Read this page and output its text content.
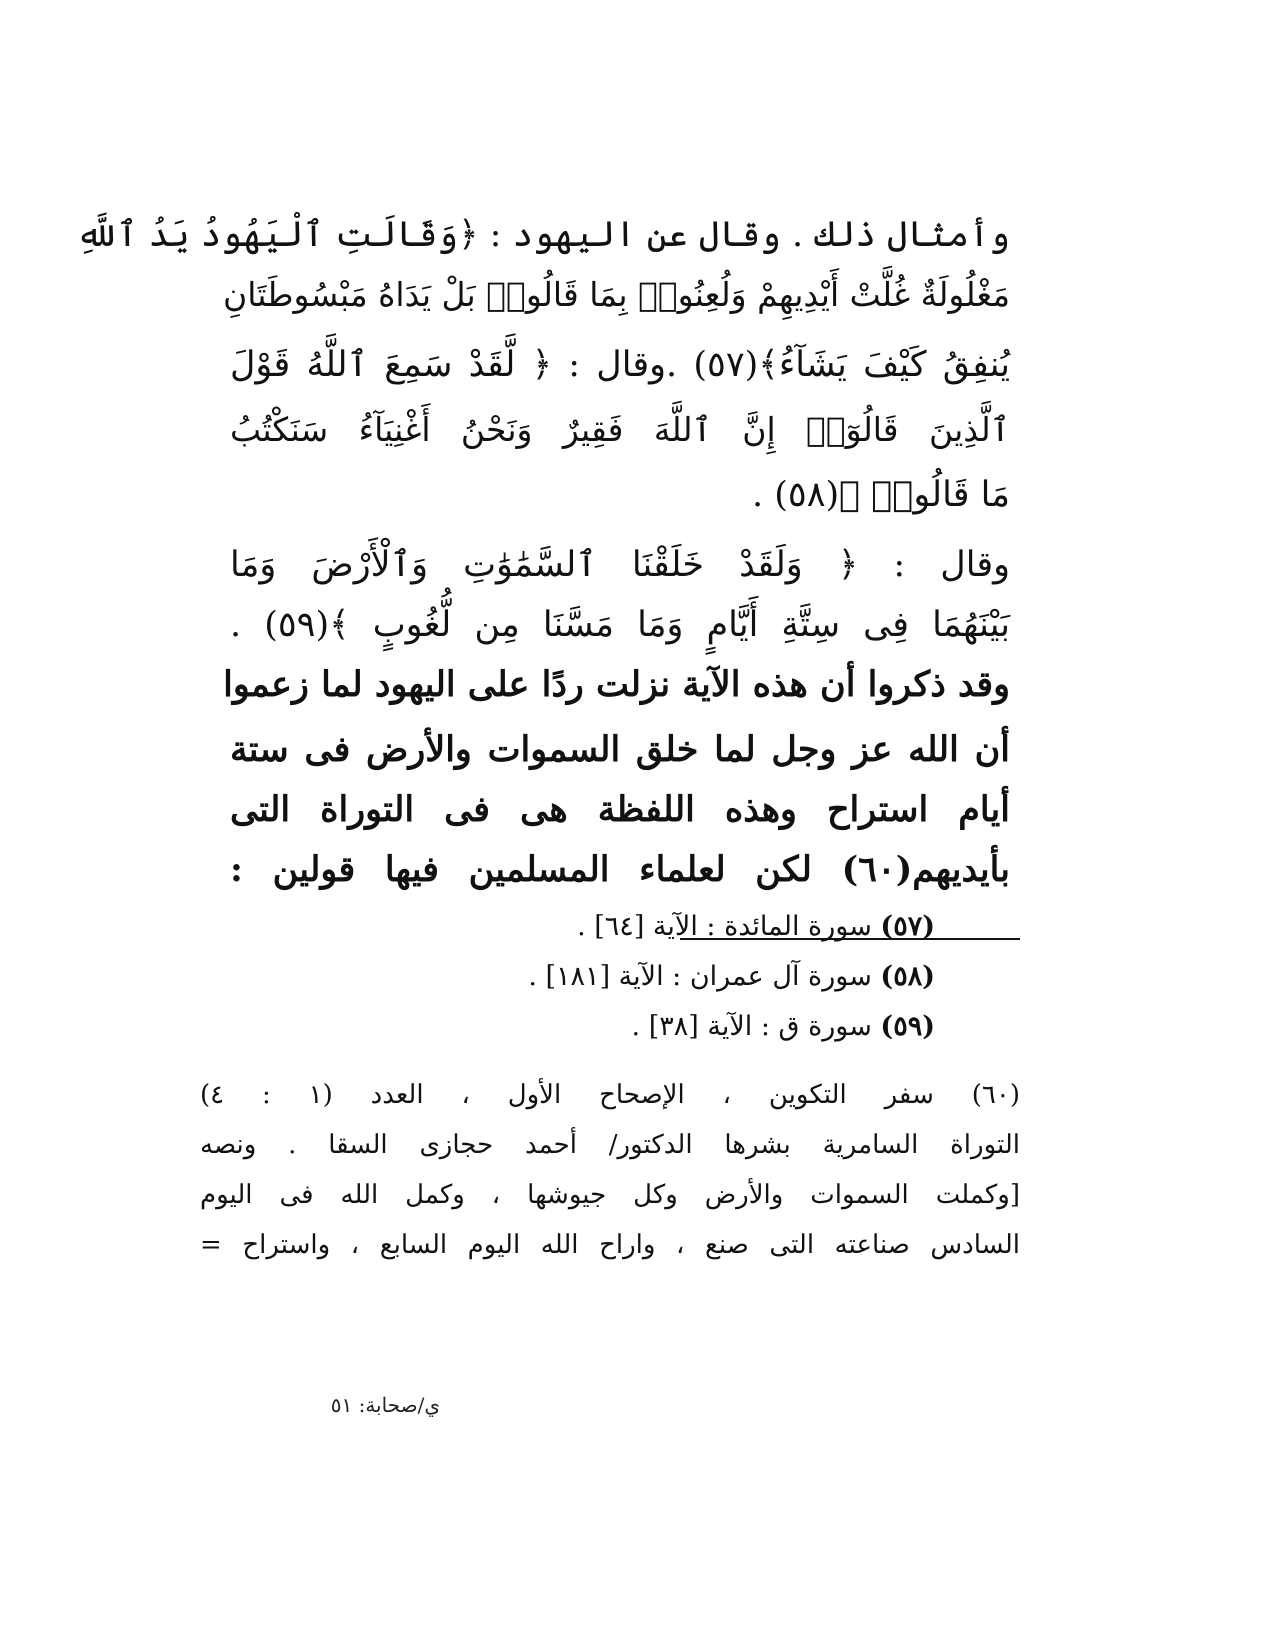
وأمثال ذلك . وقال عن اليهود : ﴿وَقَالَتِ ٱلْيَهُودُ يَدُ ٱللَّهِ
مَغْلُولَةٌ غُلَّتْ أَيْدِيهِمْ وَلُعِنُوا۟ بِمَا قَالُوا۟ بَلْ يَدَاهُ مَبْسُوطَتَانِ
يُنفِقُ كَيْفَ يَشَآءُ﴾(٥٧) .وقال : ﴿ لَّقَدْ سَمِعَ ٱللَّهُ قَوْلَ
ٱلَّذِينَ قَالُوٓا۟ إِنَّ ٱللَّهَ فَقِيرٌ وَنَحْنُ أَغْنِيَآءُ سَنَكْتُبُ
مَا قَالُوا۟ ﴾(٥٨) .
وقال : ﴿ وَلَقَدْ خَلَقْنَا ٱلسَّمَٰوَٰتِ وَٱلْأَرْضَ وَمَا
بَيْنَهُمَا فِى سِتَّةِ أَيَّامٍ وَمَا مَسَّنَا مِن لُّغُوبٍ ﴾(٥٩) .
وقد ذكروا أن هذه الآية نزلت ردًا على اليهود لما زعموا
أن الله عز وجل لما خلق السموات والأرض فى ستة
أيام استراح وهذه اللفظة هى فى التوراة التى
بأيديهم(٦٠) لكن لعلماء المسلمين فيها قولين :
(٥٧) سورة المائدة : الآية [٦٤] .
(٥٨) سورة آل عمران : الآية [١٨١] .
(٥٩) سورة ق : الآية [٣٨] .
(٦٠) سفر التكوين ، الإصحاح الأول ، العدد (١ : ٤)
التوراة السامرية بشرها الدكتور/ أحمد حجازى السقا . ونصه
[وكملت السموات والأرض وكل جيوشها ، وكمل الله فى اليوم
السادس صناعته التى صنع ، واراح الله اليوم السابع ، واستراح =
ي/صحابة: ٥١
